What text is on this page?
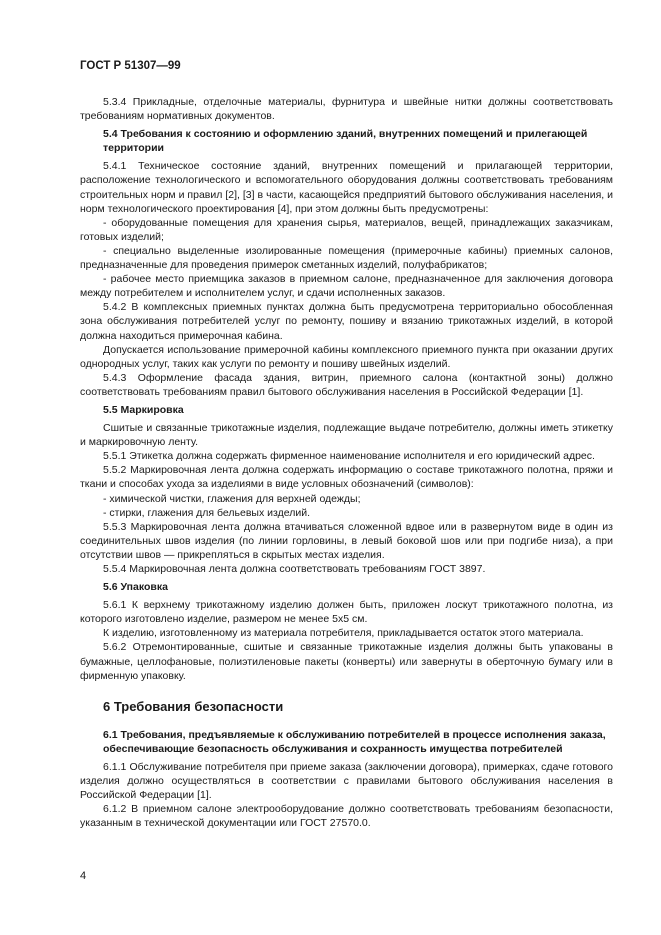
ГОСТ Р 51307—99

5.3.4 Прикладные, отделочные материалы, фурнитура и швейные нитки должны соответствовать требованиям нормативных документов.

5.4 Требования к состоянию и оформлению зданий, внутренних помещений и прилегающей территории

5.4.1 Техническое состояние зданий, внутренних помещений и прилагающей территории, расположение технологического и вспомогательного оборудования должны соответствовать требованиям строительных норм и правил [2], [3] в части, касающейся предприятий бытового обслуживания населения, и норм технологического проектирования [4], при этом должны быть предусмотрены:

- оборудованные помещения для хранения сырья, материалов, вещей, принадлежащих заказчикам, готовых изделий;

- специально выделенные изолированные помещения (примерочные кабины) приемных салонов, предназначенные для проведения примерок сметанных изделий, полуфабрикатов;

- рабочее место приемщика заказов в приемном салоне, предназначенное для заключения договора между потребителем и исполнителем услуг, и сдачи исполненных заказов.

5.4.2 В комплексных приемных пунктах должна быть предусмотрена территориально обособленная зона обслуживания потребителей услуг по ремонту, пошиву и вязанию трикотажных изделий, в которой должна находиться примерочная кабина.

Допускается использование примерочной кабины комплексного приемного пункта при оказании других однородных услуг, таких как услуги по ремонту и пошиву швейных изделий.

5.4.3 Оформление фасада здания, витрин, приемного салона (контактной зоны) должно соответствовать требованиям правил бытового обслуживания населения в Российской Федерации [1].

5.5 Маркировка

Сшитые и связанные трикотажные изделия, подлежащие выдаче потребителю, должны иметь этикетку и маркировочную ленту.

5.5.1 Этикетка должна содержать фирменное наименование исполнителя и его юридический адрес.

5.5.2 Маркировочная лента должна содержать информацию о составе трикотажного полотна, пряжи и ткани и способах ухода за изделиями в виде условных обозначений (символов):

- химической чистки, глажения для верхней одежды;

- стирки, глажения для бельевых изделий.

5.5.3 Маркировочная лента должна втачиваться сложенной вдвое или в развернутом виде в один из соединительных швов изделия (по линии горловины, в левый боковой шов или при подгибе низа), а при отсутствии швов — прикрепляться в скрытых местах изделия.

5.5.4 Маркировочная лента должна соответствовать требованиям ГОСТ 3897.

5.6 Упаковка

5.6.1 К верхнему трикотажному изделию должен быть, приложен лоскут трикотажного полотна, из которого изготовлено изделие, размером не менее 5х5 см.

К изделию, изготовленному из материала потребителя, прикладывается остаток этого материала.

5.6.2 Отремонтированные, сшитые и связанные трикотажные изделия должны быть упакованы в бумажные, целлофановые, полиэтиленовые пакеты (конверты) или завернуты в оберточную бумагу или в фирменную упаковку.

6 Требования безопасности
6.1 Требования, предъявляемые к обслуживанию потребителей в процессе исполнения заказа, обеспечивающие безопасность обслуживания и сохранность имущества потребителей

6.1.1 Обслуживание потребителя при приеме заказа (заключении договора), примерках, сдаче готового изделия должно осуществляться в соответствии с правилами бытового обслуживания населения в Российской Федерации [1].

6.1.2 В приемном салоне электрооборудование должно соответствовать требованиям безопасности, указанным в технической документации или ГОСТ 27570.0.

4
